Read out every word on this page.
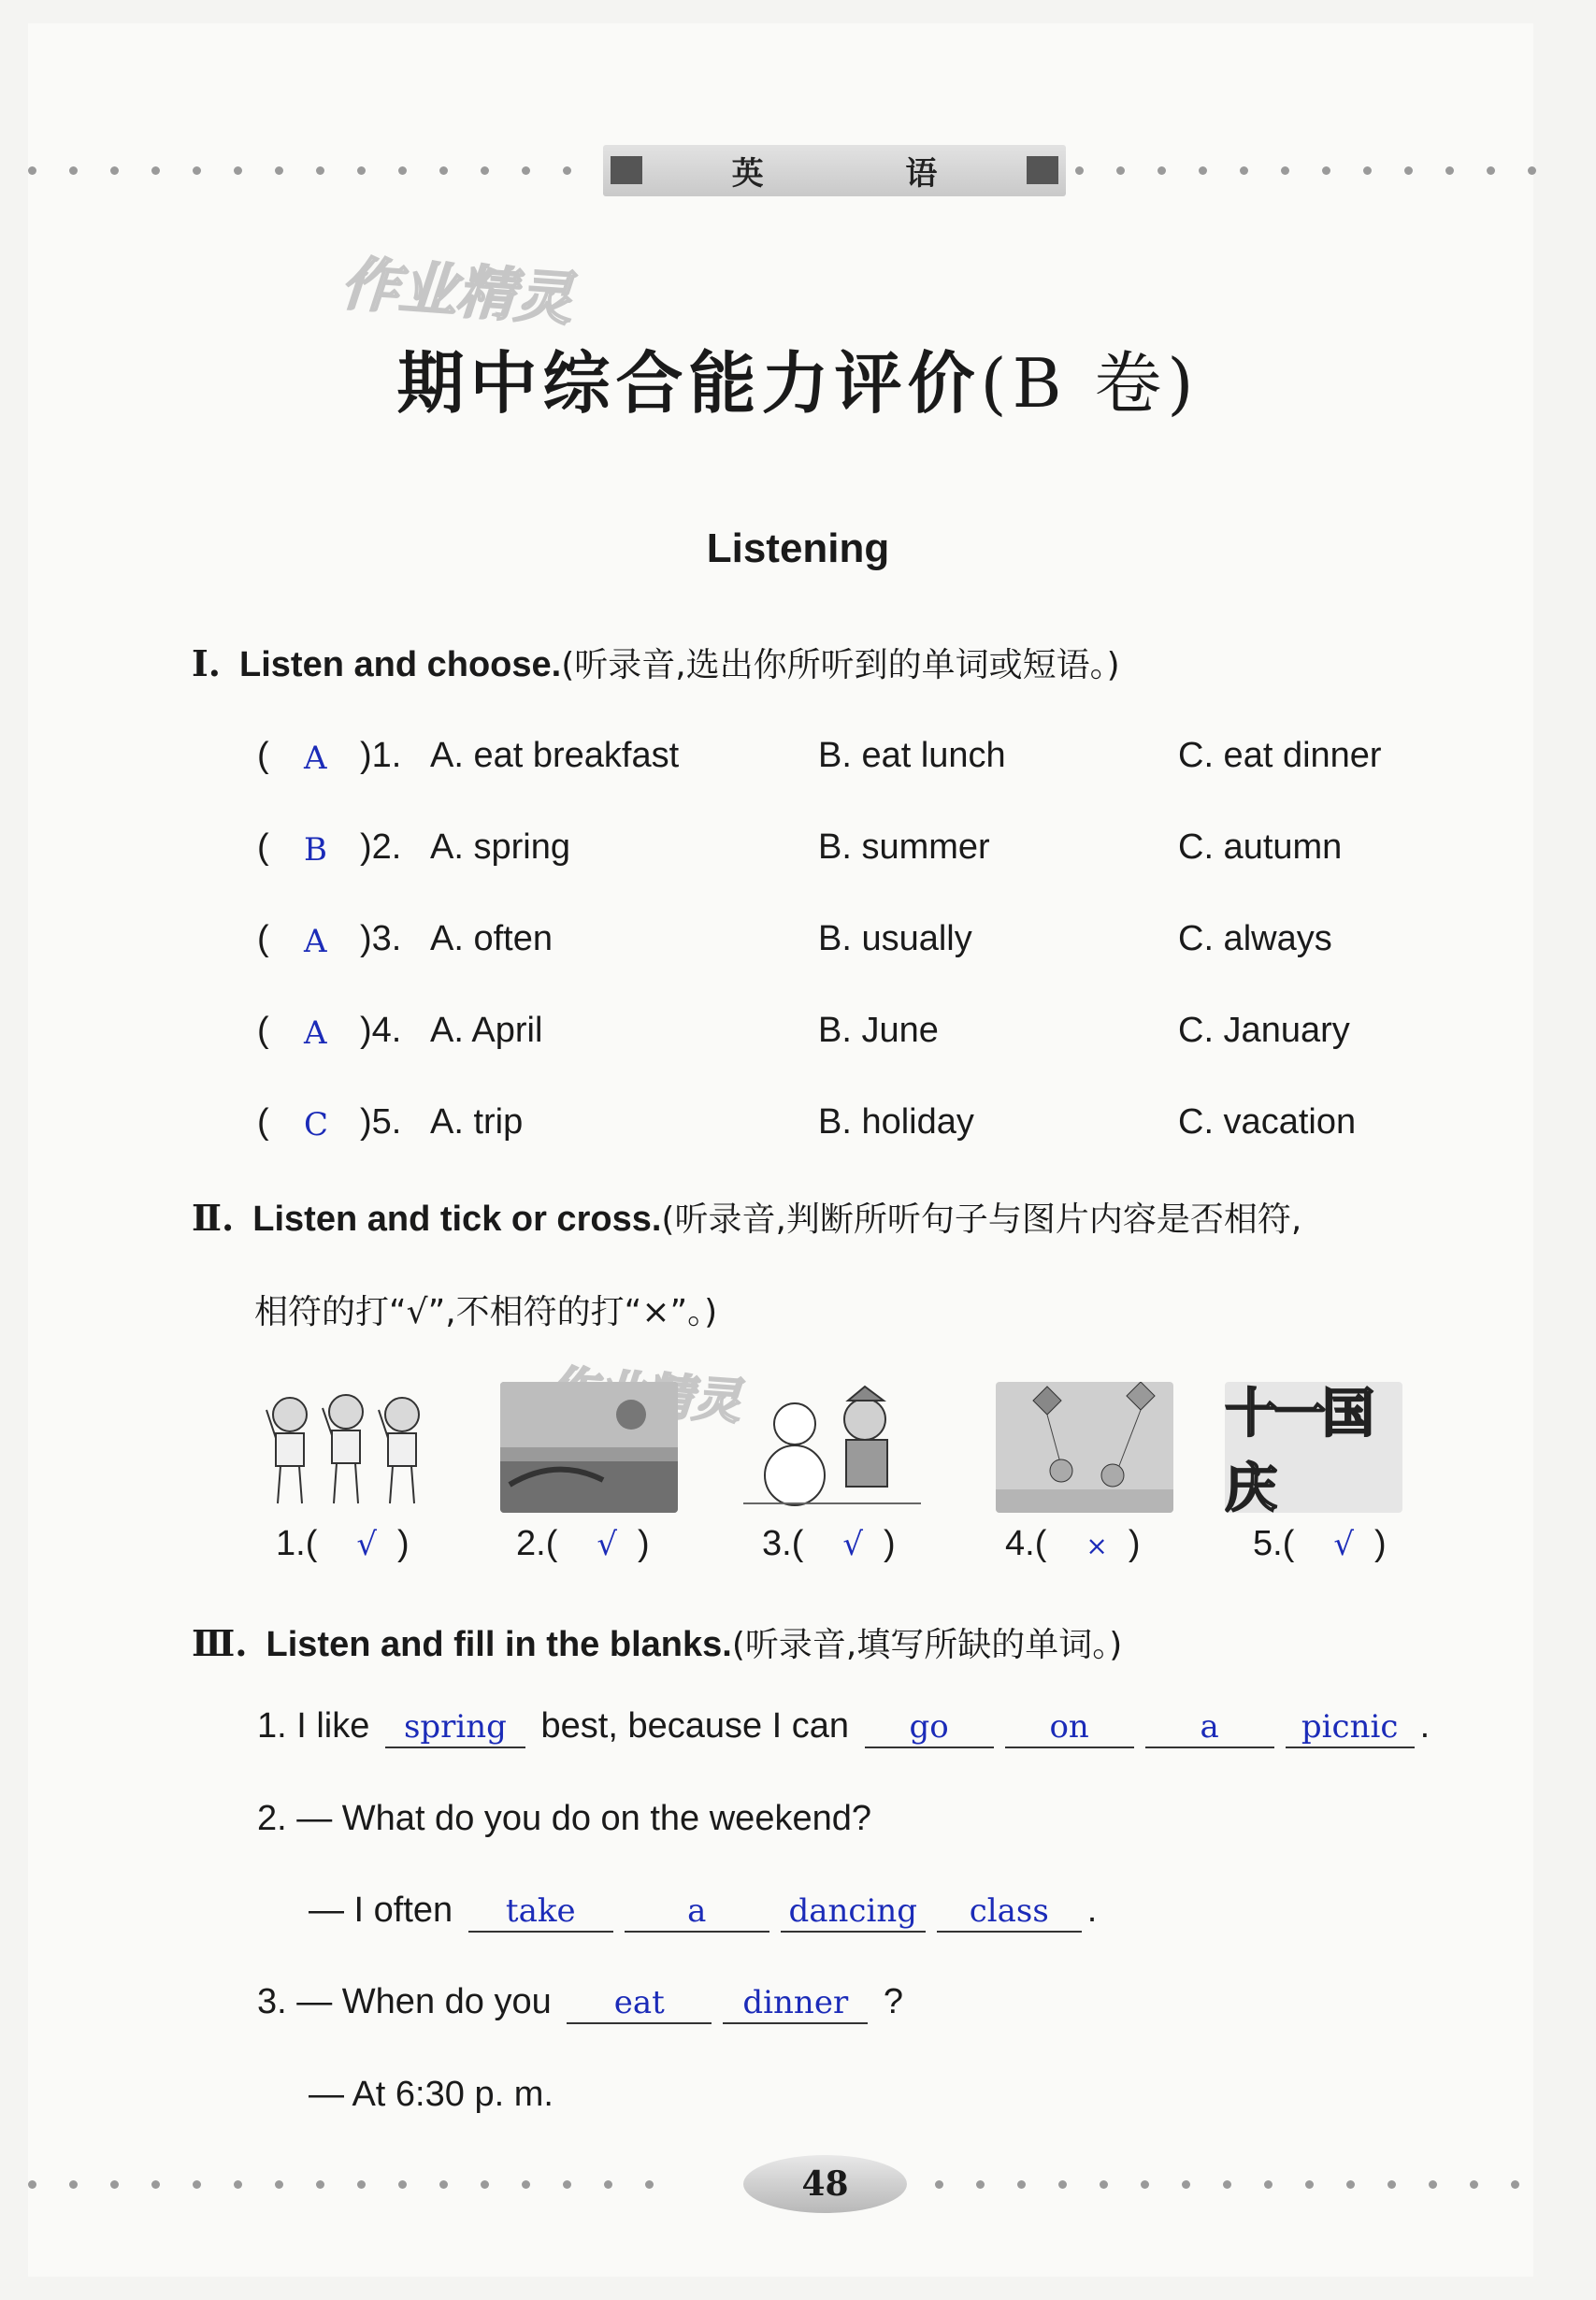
英 语
作业精灵
期中综合能力评价(B 卷)
Listening
Ⅰ. Listen and choose.(听录音,选出你所听到的单词或短语。)
( A )1. A. eat breakfast	B. eat lunch	C. eat dinner
( B )2. A. spring	B. summer	C. autumn
( A )3. A. often	B. usually	C. always
( A )4. A. April	B. June	C. January
( C )5. A. trip	B. holiday	C. vacation
Ⅱ. Listen and tick or cross.(听录音,判断所听句子与图片内容是否相符,
相符的打“√”,不相符的打“×”。)
十一国庆
1.( √ )	2.( √ )	3.( √ )	4.( × )	5.( √ )
Ⅲ. Listen and fill in the blanks.(听录音,填写所缺的单词。)
1. I like spring best, because I can go	on	a	picnic .
2. — What do you do on the weekend?
— I often take	a	dancing class .
3. — When do you eat dinner ?
— At 6:30 p. m.
48
